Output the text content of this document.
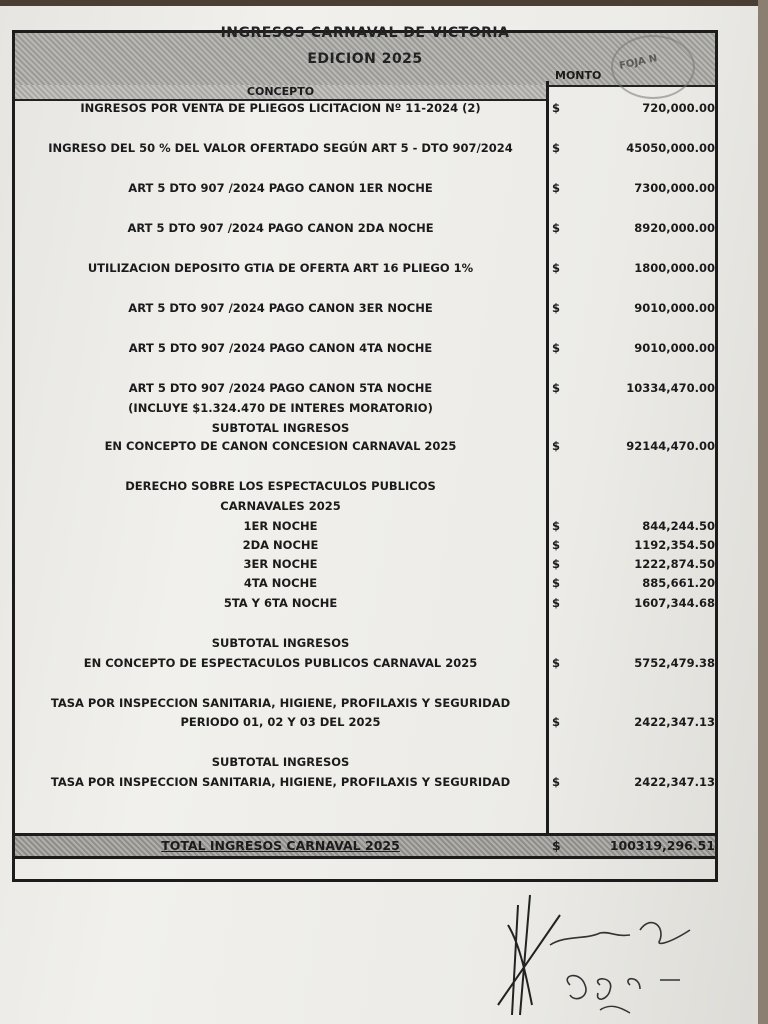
INGRESOS CARNAVAL DE VICTORIA
EDICION 2025	FOJA N
MONTO
CONCEPTO
INGRESOS POR VENTA DE PLIEGOS LICITACION Nº 11-2024 (2)	$	720,000.00
INGRESO DEL 50 % DEL VALOR OFERTADO SEGÚN ART 5 - DTO 907/2024	$	45050,000.00
ART 5 DTO 907 /2024 PAGO CANON 1ER NOCHE	$	7300,000.00
ART 5 DTO 907 /2024 PAGO CANON 2DA NOCHE	$	8920,000.00
UTILIZACION DEPOSITO GTIA DE OFERTA ART 16 PLIEGO 1%	$	1800,000.00
ART 5 DTO 907 /2024 PAGO CANON 3ER NOCHE	$	9010,000.00
ART 5 DTO 907 /2024 PAGO CANON 4TA NOCHE	$	9010,000.00
ART 5 DTO 907 /2024 PAGO CANON 5TA NOCHE	$	10334,470.00
(INCLUYE $1.324.470 DE INTERES MORATORIO)
SUBTOTAL INGRESOS
EN CONCEPTO DE CANON CONCESION CARNAVAL 2025	$	92144,470.00
DERECHO SOBRE LOS ESPECTACULOS PUBLICOS
CARNAVALES 2025
1ER NOCHE	$	844,244.50
2DA NOCHE	$	1192,354.50
3ER NOCHE	$	1222,874.50
4TA NOCHE	$	885,661.20
5TA Y 6TA NOCHE	$	1607,344.68
SUBTOTAL INGRESOS
EN CONCEPTO DE ESPECTACULOS PUBLICOS CARNAVAL 2025	$	5752,479.38
TASA POR INSPECCION SANITARIA, HIGIENE, PROFILAXIS Y SEGURIDAD
PERIODO 01, 02 Y 03 DEL 2025	$	2422,347.13
SUBTOTAL INGRESOS
TASA POR INSPECCION SANITARIA, HIGIENE, PROFILAXIS Y SEGURIDAD	$	2422,347.13
TOTAL INGRESOS CARNAVAL 2025	$	100319,296.51
